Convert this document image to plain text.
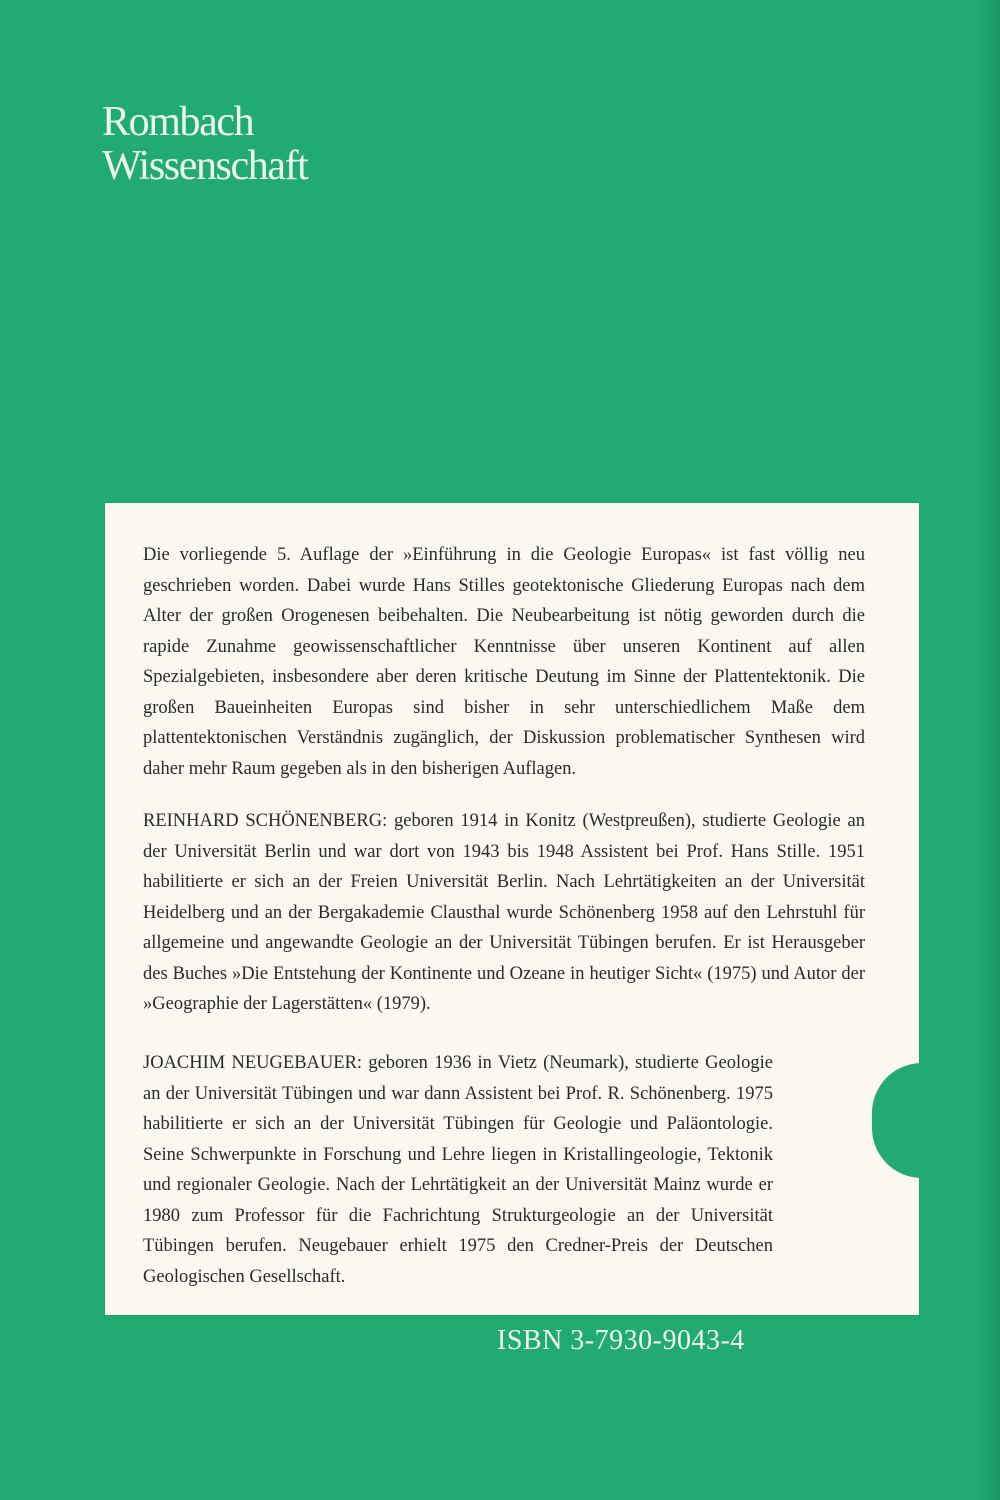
Rombach
Wissenschaft

Die vorliegende 5. Auflage der »Einführung in die Geologie Europas« ist fast völlig neu geschrieben worden. Dabei wurde Hans Stilles geotektonische Gliederung Europas nach dem Alter der großen Orogenesen beibehalten. Die Neubearbeitung ist nötig geworden durch die rapide Zunahme geowissenschaftlicher Kenntnisse über unseren Kontinent auf allen Spezialgebieten, insbesondere aber deren kritische Deutung im Sinne der Plattentektonik. Die großen Baueinheiten Europas sind bisher in sehr unterschiedlichem Maße dem plattentektonischen Verständnis zugänglich, der Diskussion problematischer Synthesen wird daher mehr Raum gegeben als in den bisherigen Auflagen.

REINHARD SCHÖNENBERG: geboren 1914 in Konitz (Westpreußen), studierte Geologie an der Universität Berlin und war dort von 1943 bis 1948 Assistent bei Prof. Hans Stille. 1951 habilitierte er sich an der Freien Universität Berlin. Nach Lehrtätigkeiten an der Universität Heidelberg und an der Bergakademie Clausthal wurde Schönenberg 1958 auf den Lehrstuhl für allgemeine und angewandte Geologie an der Universität Tübingen berufen. Er ist Herausgeber des Buches »Die Entstehung der Kontinente und Ozeane in heutiger Sicht« (1975) und Autor der »Geographie der Lagerstätten« (1979).

JOACHIM NEUGEBAUER: geboren 1936 in Vietz (Neumark), studierte Geologie an der Universität Tübingen und war dann Assistent bei Prof. R. Schönenberg. 1975 habilitierte er sich an der Universität Tübingen für Geologie und Paläontologie. Seine Schwerpunkte in Forschung und Lehre liegen in Kristallingeologie, Tektonik und regionaler Geologie. Nach der Lehrtätigkeit an der Universität Mainz wurde er 1980 zum Professor für die Fachrichtung Strukturgeologie an der Universität Tübingen berufen. Neugebauer erhielt 1975 den Credner-Preis der Deutschen Geologischen Gesellschaft.

ISBN 3-7930-9043-4
